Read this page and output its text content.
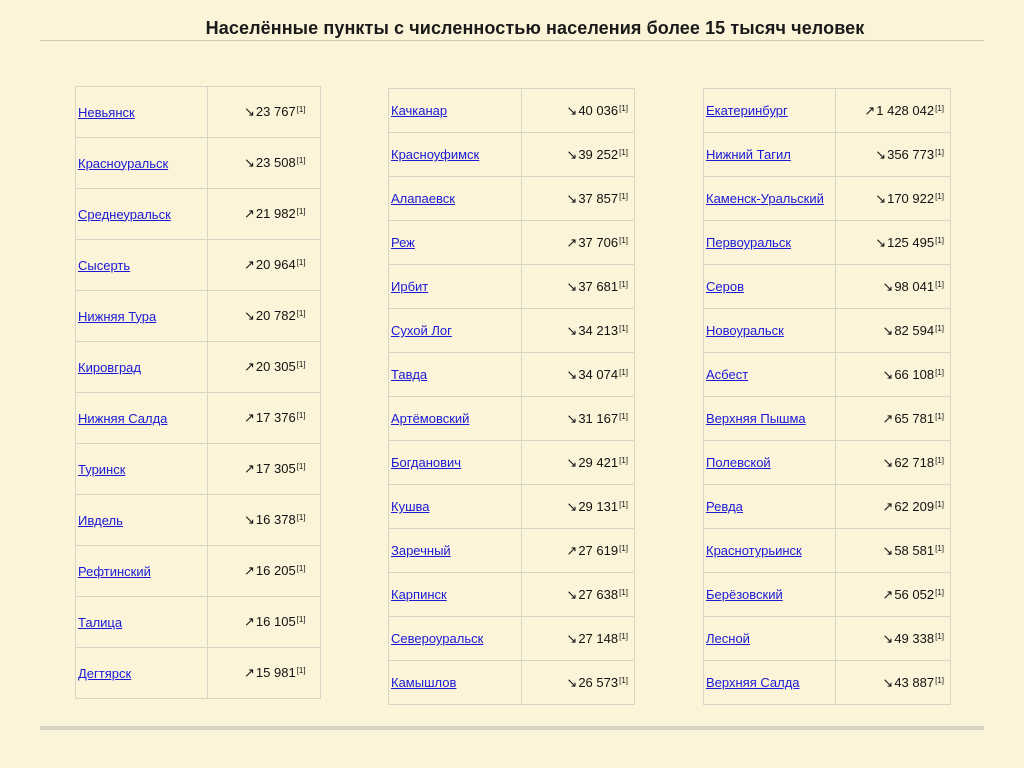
Населённые пункты с численностью населения более 15 тысяч человек
Невьянск	↘23 767[1]
Красноуральск	↘23 508[1]
Среднеуральск	↗21 982[1]
Сысерть	↗20 964[1]
Нижняя Тура	↘20 782[1]
Кировград	↗20 305[1]
Нижняя Салда	↗17 376[1]
Туринск	↗17 305[1]
Ивдель	↘16 378[1]
Рефтинский	↗16 205[1]
Талица	↗16 105[1]
Дегтярск	↗15 981[1]
Качканар	↘40 036[1]
Красноуфимск	↘39 252[1]
Алапаевск	↘37 857[1]
Реж	↗37 706[1]
Ирбит	↘37 681[1]
Сухой Лог	↘34 213[1]
Тавда	↘34 074[1]
Артёмовский	↘31 167[1]
Богданович	↘29 421[1]
Кушва	↘29 131[1]
Заречный	↗27 619[1]
Карпинск	↘27 638[1]
Североуральск	↘27 148[1]
Камышлов	↘26 573[1]
Екатеринбург	↗1 428 042[1]
Нижний Тагил	↘356 773[1]
Каменск-Уральский	↘170 922[1]
Первоуральск	↘125 495[1]
Серов	↘98 041[1]
Новоуральск	↘82 594[1]
Асбест	↘66 108[1]
Верхняя Пышма	↗65 781[1]
Полевской	↘62 718[1]
Ревда	↗62 209[1]
Краснотурьинск	↘58 581[1]
Берёзовский	↗56 052[1]
Лесной	↘49 338[1]
Верхняя Салда	↘43 887[1]
